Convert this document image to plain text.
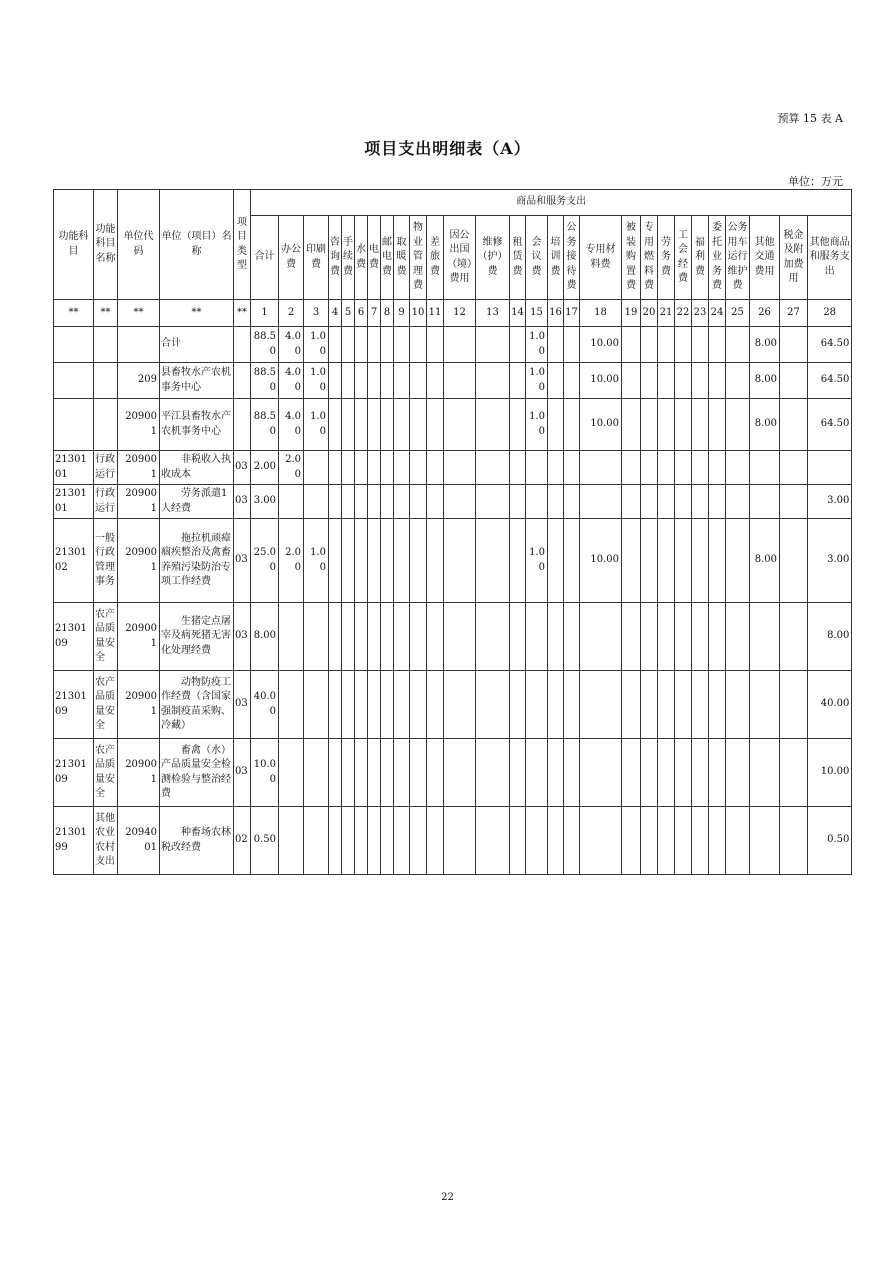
预算 15 表 A
项目支出明细表（A）
单位：万元
功能科目	功能科目名称	单位代码	单位（项目）名称	项目类型	商品和服务支出																											
					合计	办公费	印刷费	咨询费	手续费	水费	电费	邮电费	取暖费	物业管理费	差旅费	因公出国（境）费用	维修（护）费	租赁费	会议费	培训费	公务接待费	专用材料费	被装购置费	专用燃料费	劳务费	工会经费	福利费	委托业务费	公务用车运行维护费	其他交通费用	税金及附加费用	其他商品和服务支出
**	**	**	**	**	1	2	3	4	5	6	7	8	9	10	11	12	13	14	15	16	17	18	19	20	21	22	23	24	25	26	27	28
			合计		88.50	4.00	1.00												1.00			10.00								8.00		64.50
		209	县畜牧水产农机事务中心		88.50	4.00	1.00												1.00			10.00								8.00		64.50
		209001	平江县畜牧水产农机事务中心		88.50	4.00	1.00												1.00			10.00								8.00		64.50
2130101	行政运行	209001	非税收入执收成本	03	2.00	2.00																										
2130101	行政运行	209001	劳务派遣1人经费	03	3.00																											3.00
2130102	一般行政管理事务	209001	拖拉机顽瘴痼疾整治及禽畜养殖污染防治专项工作经费	03	25.00	2.00	1.00												1.00			10.00								8.00		3.00
2130109	农产品质量安全	209001	生猪定点屠宰及病死猪无害化处理经费	03	8.00																											8.00
2130109	农产品质量安全	209001	动物防疫工作经费（含国家强制疫苗采购、冷藏）	03	40.00																											40.00
2130109	农产品质量安全	209001	畜禽（水）产品质量安全检测检验与整治经费	03	10.00																											10.00
2130199	其他农业农村支出	2094001	种畜场农林税改经费	02	0.50																											0.50
22
